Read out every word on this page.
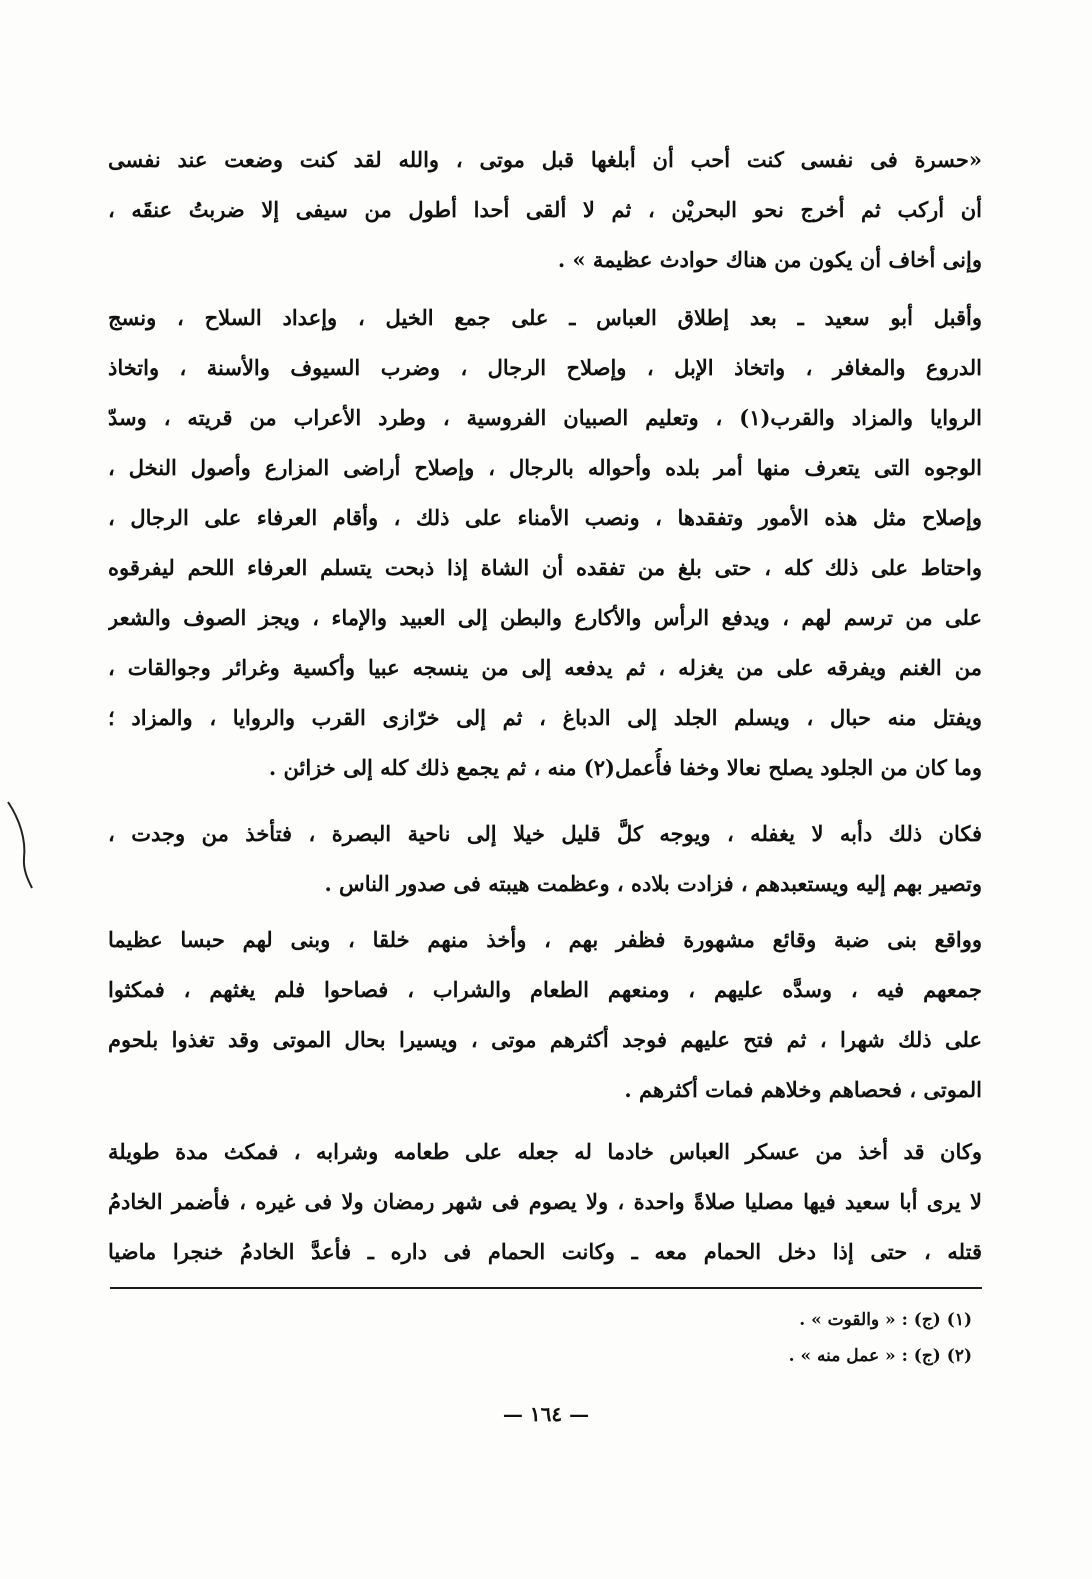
«حسرة فى نفسى كنت أحب أن أبلغها قبل موتى ، والله لقد كنت وضعت عند نفسى
أن أركب ثم أخرج نحو البحريْن ، ثم لا ألقى أحدا أطول من سيفى إلا ضربتُ عنقَه ،
وإنى أخاف أن يكون من هناك حوادث عظيمة » .
وأقبل أبو سعيد ـ بعد إطلاق العباس ـ على جمع الخيل ، وإعداد السلاح ، ونسج
الدروع والمغافر ، واتخاذ الإبل ، وإصلاح الرجال ، وضرب السيوف والأسنة ، واتخاذ
الروايا والمزاد والقرب(١) ، وتعليم الصبيان الفروسية ، وطرد الأعراب من قريته ، وسدّ
الوجوه التى يتعرف منها أمر بلده وأحواله بالرجال ، وإصلاح أراضى المزارع وأصول النخل ،
وإصلاح مثل هذه الأمور وتفقدها ، ونصب الأمناء على ذلك ، وأقام العرفاء على الرجال ،
واحتاط على ذلك كله ، حتى بلغ من تفقده أن الشاة إذا ذبحت يتسلم العرفاء اللحم ليفرقوه
على من ترسم لهم ، ويدفع الرأس والأكارع والبطن إلى العبيد والإماء ، ويجز الصوف والشعر
من الغنم ويفرقه على من يغزله ، ثم يدفعه إلى من ينسجه عبيا وأكسية وغرائر وجوالقات ،
ويفتل منه حبال ، ويسلم الجلد إلى الدباغ ، ثم إلى خرّازى القرب والروايا ، والمزاد ؛
وما كان من الجلود يصلح نعالا وخفا فأُعمل(٢) منه ، ثم يجمع ذلك كله إلى خزائن .
فكان ذلك دأبه لا يغفله ، ويوجه كلَّ قليل خيلا إلى ناحية البصرة ، فتأخذ من وجدت ،
وتصير بهم إليه ويستعبدهم ، فزادت بلاده ، وعظمت هيبته فى صدور الناس .
وواقع بنى ضبة وقائع مشهورة فظفر بهم ، وأخذ منهم خلقا ، وبنى لهم حبسا عظيما
جمعهم فيه ، وسدَّه عليهم ، ومنعهم الطعام والشراب ، فصاحوا فلم يغثهم ، فمكثوا
على ذلك شهرا ، ثم فتح عليهم فوجد أكثرهم موتى ، ويسيرا بحال الموتى وقد تغذوا بلحوم
الموتى ، فحصاهم وخلاهم فمات أكثرهم .
وكان قد أخذ من عسكر العباس خادما له جعله على طعامه وشرابه ، فمكث مدة طويلة
لا يرى أبا سعيد فيها مصليا صلاةً واحدة ، ولا يصوم فى شهر رمضان ولا فى غيره ، فأضمر الخادمُ
قتله ، حتى إذا دخل الحمام معه ـ وكانت الحمام فى داره ـ فأعدَّ الخادمُ خنجرا ماضيا
(١) (ج) : « والقوت » .
(٢) (ج) : « عمل منه » .
— ١٦٤ —
